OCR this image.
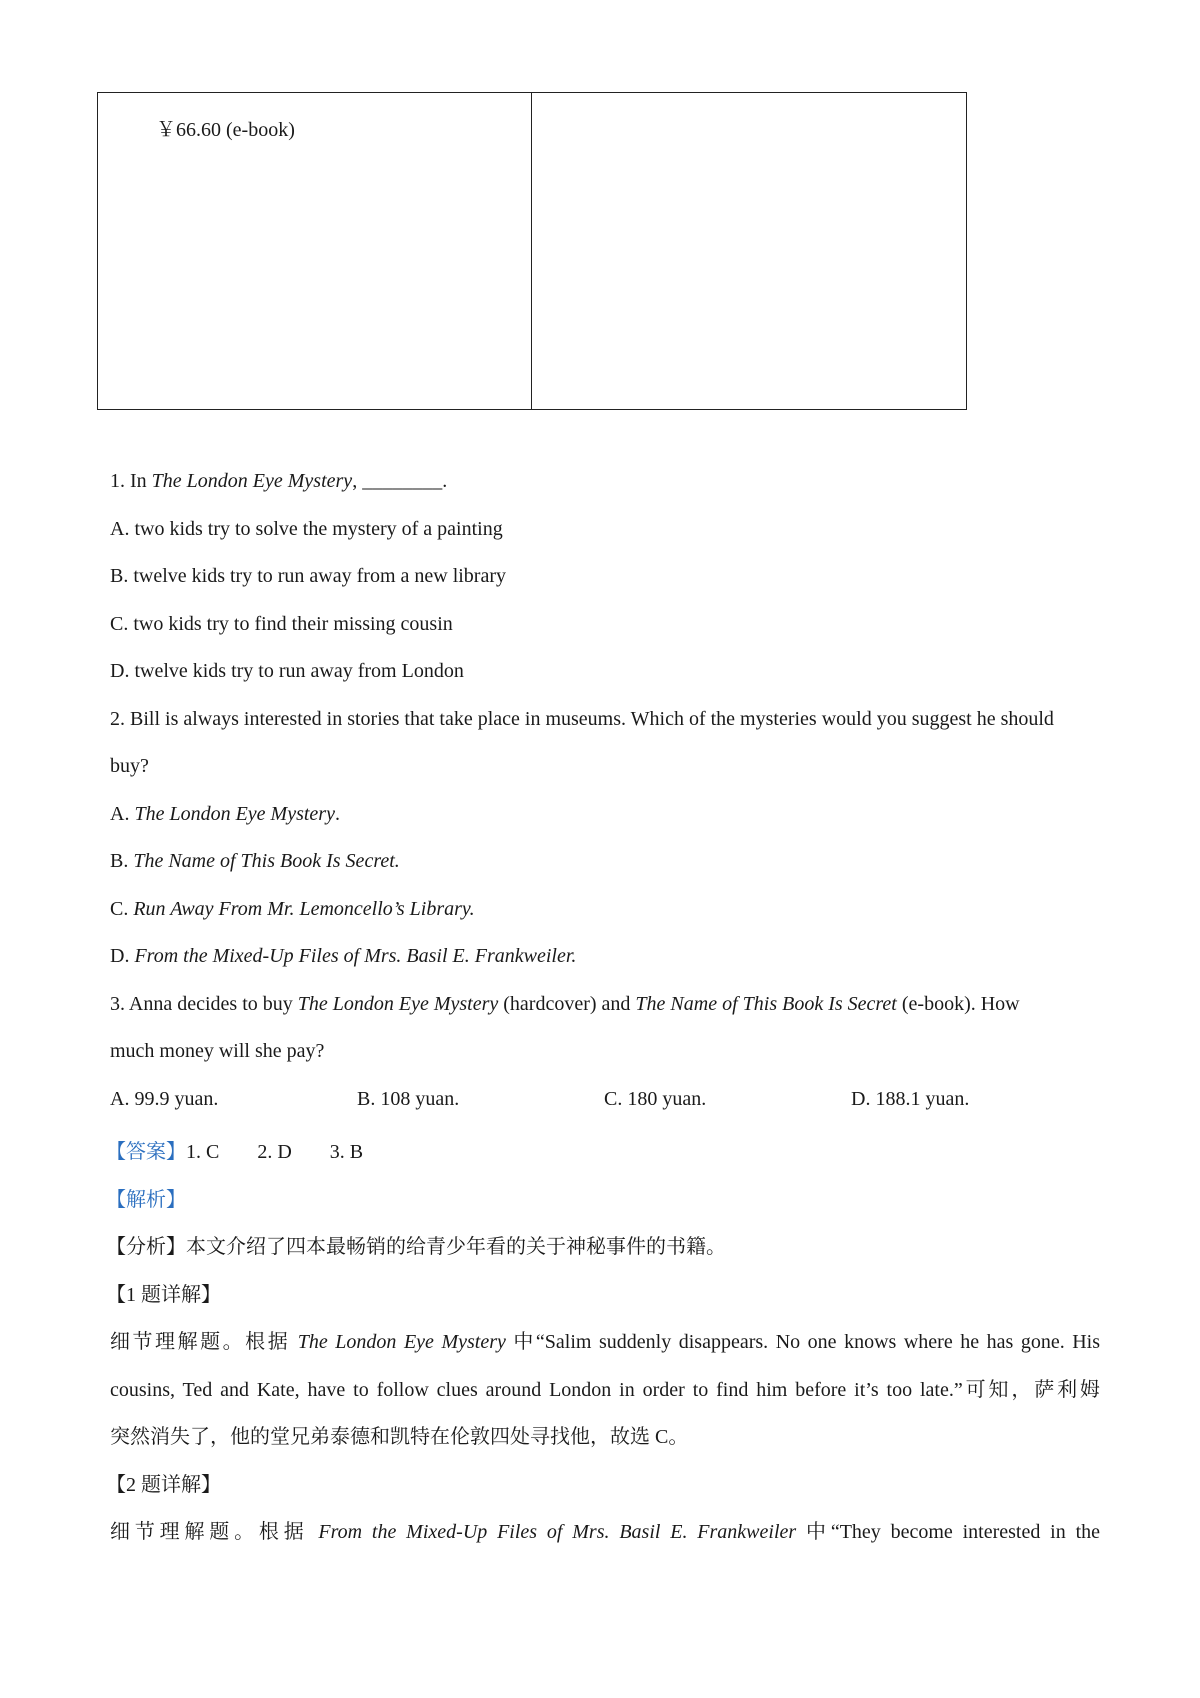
￥66.60 (e-book)
1. In The London Eye Mystery, ________.
A. two kids try to solve the mystery of a painting
B. twelve kids try to run away from a new library
C. two kids try to find their missing cousin
D. twelve kids try to run away from London
2. Bill is always interested in stories that take place in museums. Which of the mysteries would you suggest he should
buy?
A. The London Eye Mystery.
B. The Name of This Book Is Secret.
C. Run Away From Mr. Lemoncello’s Library.
D. From the Mixed-Up Files of Mrs. Basil E. Frankweiler.
3. Anna decides to buy The London Eye Mystery (hardcover) and The Name of This Book Is Secret (e-book). How
much money will she pay?
A. 99.9 yuan.	B. 108 yuan.	C. 180 yuan.	D. 188.1 yuan.
【答案】1. C 2. D 3. B
【解析】
【分析】本文介绍了四本最畅销的给青少年看的关于神秘事件的书籍。
【1 题详解】
细节理解题。根据 The London Eye Mystery 中“Salim suddenly disappears. No one knows where he has gone. His
cousins, Ted and Kate, have to follow clues around London in order to find him before it’s too late.”可知，萨利姆
突然消失了，他的堂兄弟泰德和凯特在伦敦四处寻找他，故选 C。
【2 题详解】
细节理解题。根据 From the Mixed-Up Files of Mrs. Basil E. Frankweiler 中“They become interested in the
